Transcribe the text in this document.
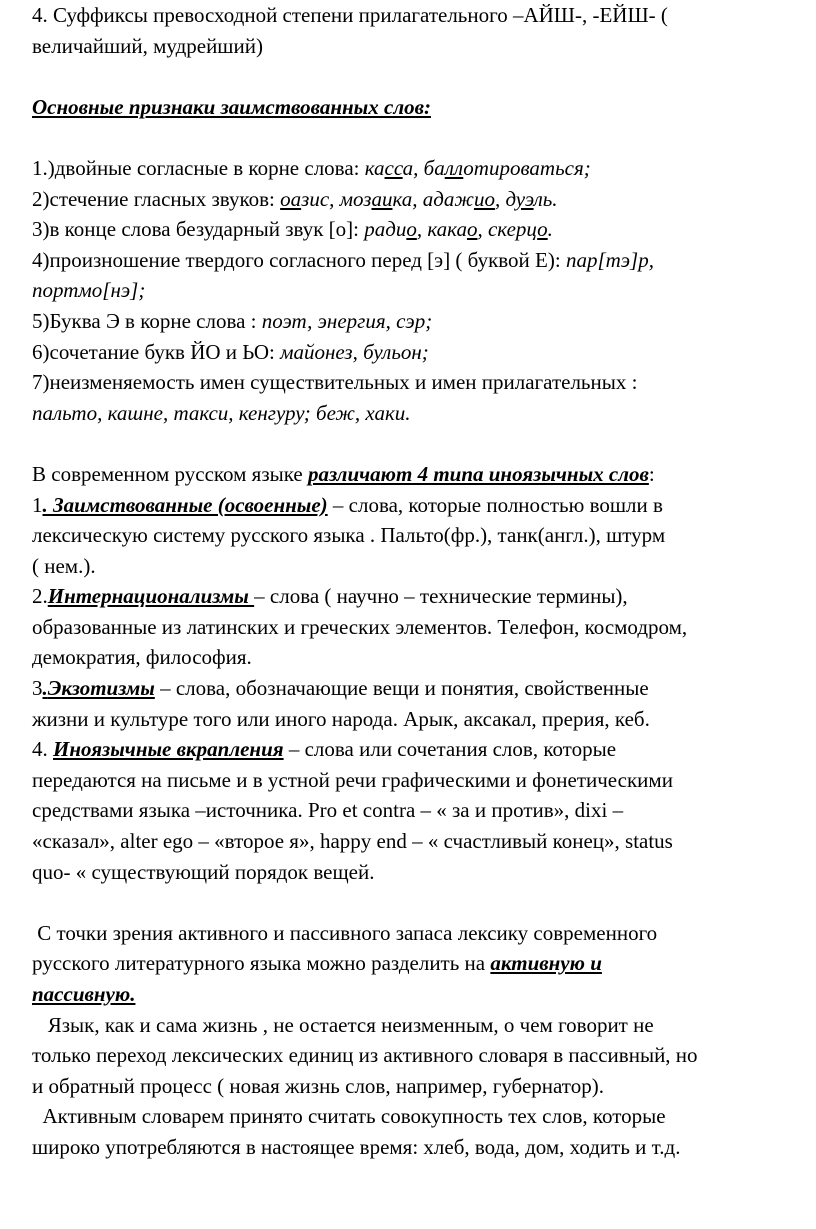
4. Суффиксы превосходной степени прилагательного –АЙШ-, -ЕЙШ- (

величайший, мудрейший)

Основные признаки заимствованных слов:

1.)двойные согласные в корне слова: касса, баллотироваться;

2)стечение гласных звуков: оазис, мозаика, адажио, дуэль.

3)в конце слова безударный звук [о]: радио, какао, скерцо.

4)произношение твердого согласного перед [э] ( буквой Е): пар[тэ]р,

портмо[нэ];

5)Буква Э в корне слова : поэт, энергия, сэр;

6)сочетание букв ЙО и ЬО: майонез, бульон;

7)неизменяемость имен существительных и имен прилагательных :

пальто, кашне, такси, кенгуру; беж, хаки.

В современном русском языке различают 4 типа иноязычных слов:

1. Заимствованные (освоенные) – слова, которые полностью вошли в

лексическую систему русского языка . Пальто(фр.), танк(англ.), штурм

( нем.).

2.Интернационализмы – слова ( научно – технические термины),

образованные из латинских и греческих элементов. Телефон, космодром,

демократия, философия.

3.Экзотизмы – слова, обозначающие вещи и понятия, свойственные

жизни и культуре того или иного народа. Арык, аксакал, прерия, кеб.

4. Иноязычные вкрапления – слова или сочетания слов, которые

передаются на письме и в устной речи графическими и фонетическими

средствами языка –источника. Pro et contra – « за и против», dixi –

«сказал», alter ego – «второе я», happy end – « счастливый конец», status

quo- « существующий порядок вещей.

С точки зрения активного и пассивного запаса лексику современного

русского литературного языка можно разделить на активную и

пассивную.

Язык, как и сама жизнь , не остается неизменным, о чем говорит не

только переход лексических единиц из активного словаря в пассивный, но

и обратный процесс ( новая жизнь слов, например, губернатор).

Активным словарем принято считать совокупность тех слов, которые

широко употребляются в настоящее время: хлеб, вода, дом, ходить и т.д.
